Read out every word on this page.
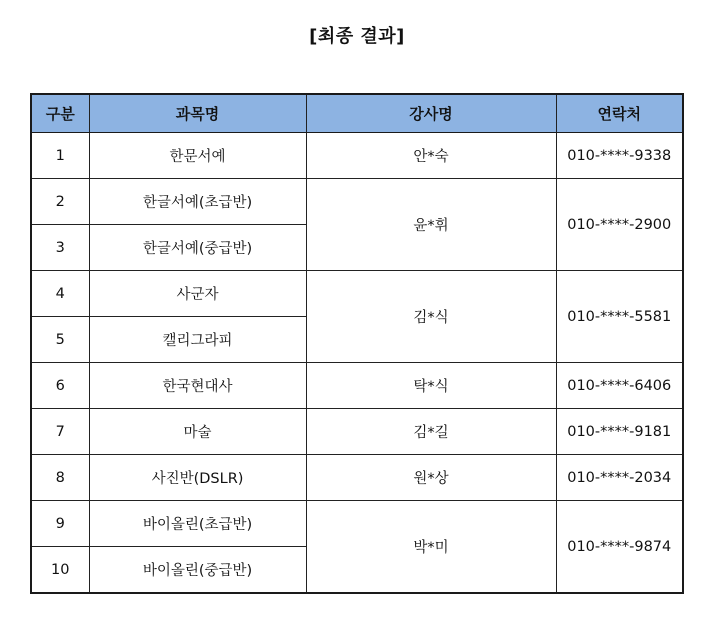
[최종 결과]
구분	과목명	강사명	연락처
1	한문서예	안*숙	010-****-9338
2	한글서예(초급반)	윤*휘	010-****-2900
3	한글서예(중급반)		
4	사군자	김*식	010-****-5581
5	캘리그라피		
6	한국현대사	탁*식	010-****-6406
7	마술	김*길	010-****-9181
8	사진반(DSLR)	원*상	010-****-2034
9	바이올린(초급반)	박*미	010-****-9874
10	바이올린(중급반)		
